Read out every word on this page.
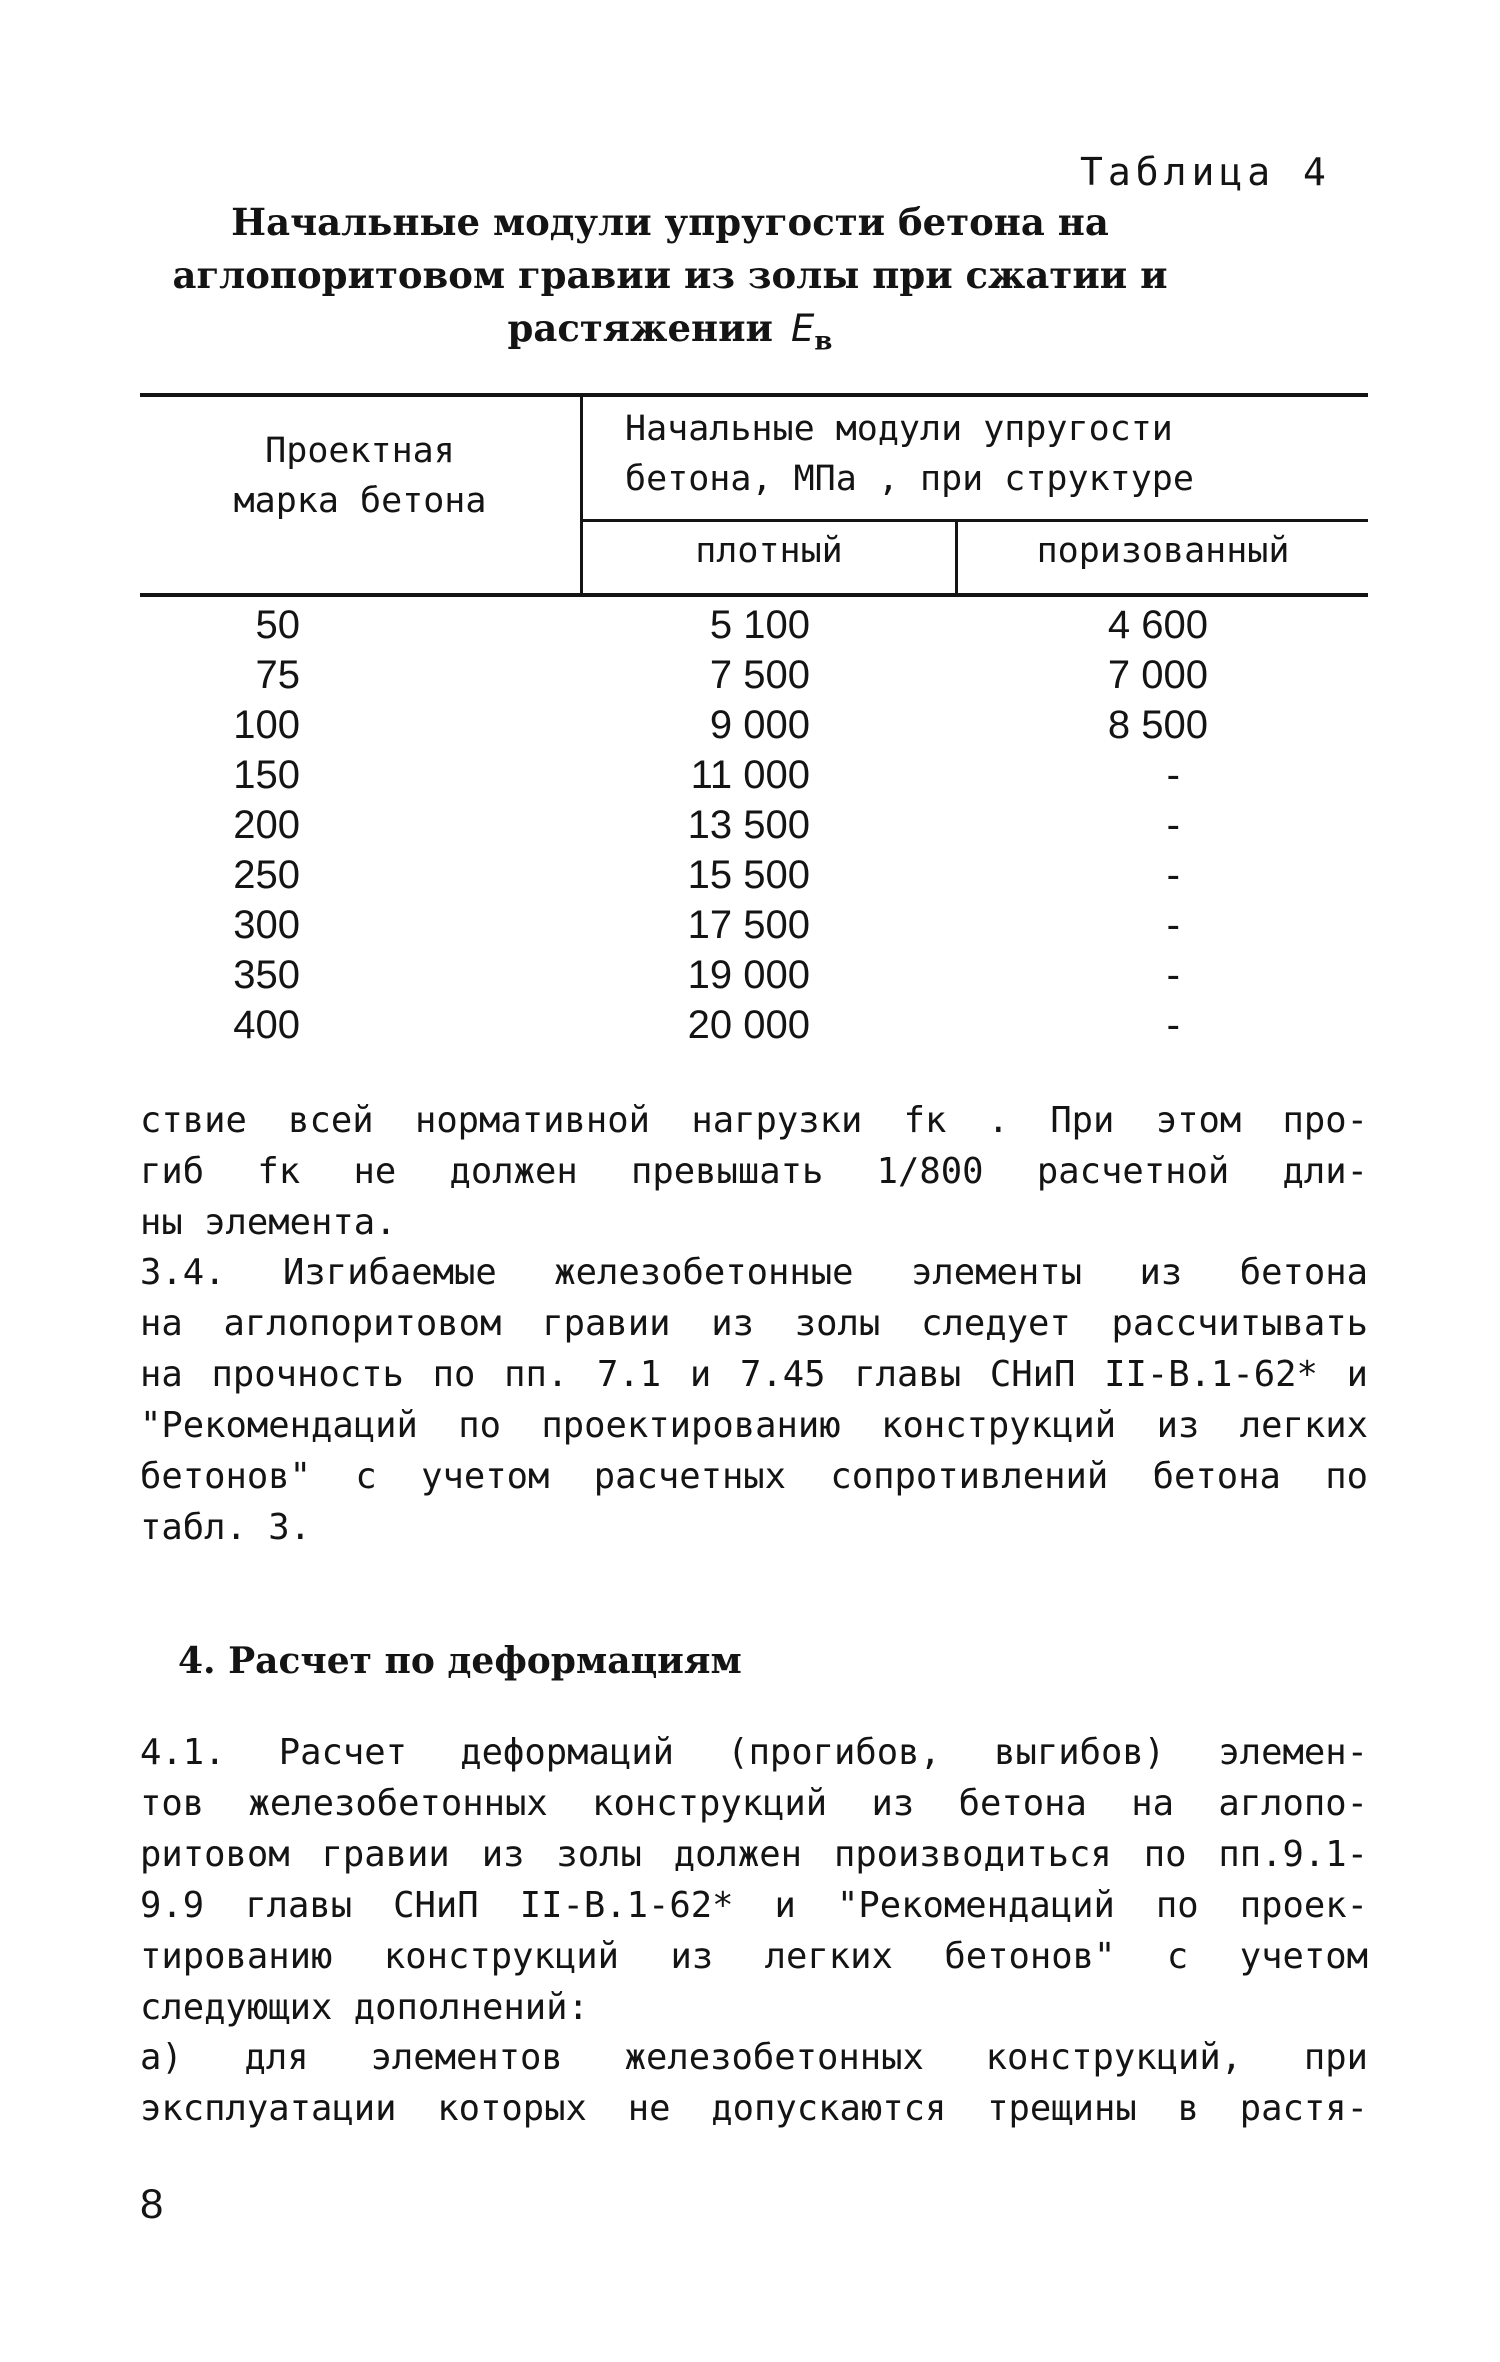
Таблица 4
Начальные модули упругости бетона на
аглопоритовом гравии из золы при сжатии и
растяжении $E_в$
Проектная
марка бетона
Начальные модули упругости
бетона, МПа , при структуре
плотный	поризованный
50	5 100	4 600
75	7 500	7 000
100	9 000	8 500
150	11 000	-
200	13 500	-
250	15 500	-
300	17 500	-
350	19 000	-
400	20 000	-
ствие всей нормативной нагрузки fк . При этом про-
гиб fк не должен превышать 1/800 расчетной дли-
ны элемента.
3.4. Изгибаемые железобетонные элементы из бетона
на аглопоритовом гравии из золы следует рассчитывать
на прочность по пп. 7.1 и 7.45 главы СНиП II-В.1-62* и
"Рекомендаций по проектированию конструкций из легких
бетонов" с учетом расчетных сопротивлений бетона по
табл. 3.
4. Расчет по деформациям
4.1. Расчет деформаций (прогибов, выгибов) элемен-
тов железобетонных конструкций из бетона на аглопо-
ритовом гравии из золы должен производиться по пп.9.1-
9.9 главы СНиП II-В.1-62* и "Рекомендаций по проек-
тированию конструкций из легких бетонов" с учетом
следующих дополнений:
а) для элементов железобетонных конструкций, при
эксплуатации которых не допускаются трещины в растя-
8
